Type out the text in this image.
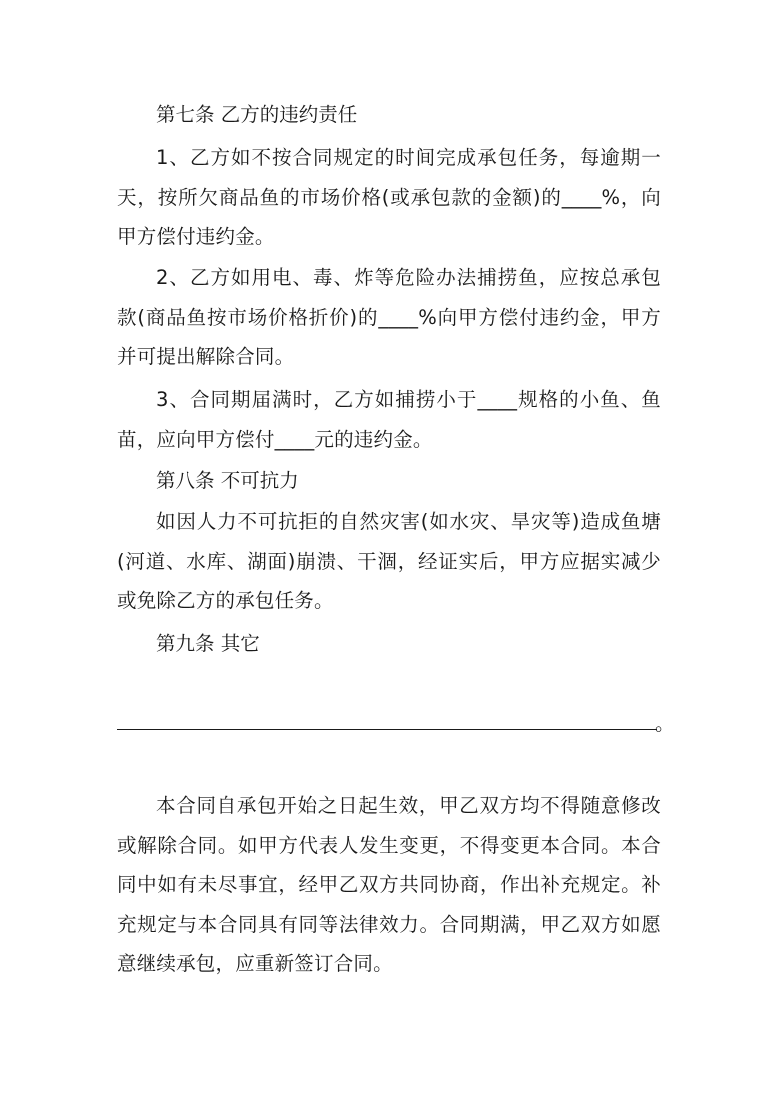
第七条 乙方的违约责任

1、乙方如不按合同规定的时间完成承包任务，每逾期一天，按所欠商品鱼的市场价格(或承包款的金额)的____%，向甲方偿付违约金。

2、乙方如用电、毒、炸等危险办法捕捞鱼，应按总承包款(商品鱼按市场价格折价)的____%向甲方偿付违约金，甲方并可提出解除合同。

3、合同期届满时，乙方如捕捞小于____规格的小鱼、鱼苗，应向甲方偿付____元的违约金。

第八条 不可抗力

如因人力不可抗拒的自然灾害(如水灾、旱灾等)造成鱼塘(河道、水库、湖面)崩溃、干涸，经证实后，甲方应据实减少或免除乙方的承包任务。

第九条 其它

。

本合同自承包开始之日起生效，甲乙双方均不得随意修改或解除合同。如甲方代表人发生变更，不得变更本合同。本合同中如有未尽事宜，经甲乙双方共同协商，作出补充规定。补充规定与本合同具有同等法律效力。合同期满，甲乙双方如愿意继续承包，应重新签订合同。
